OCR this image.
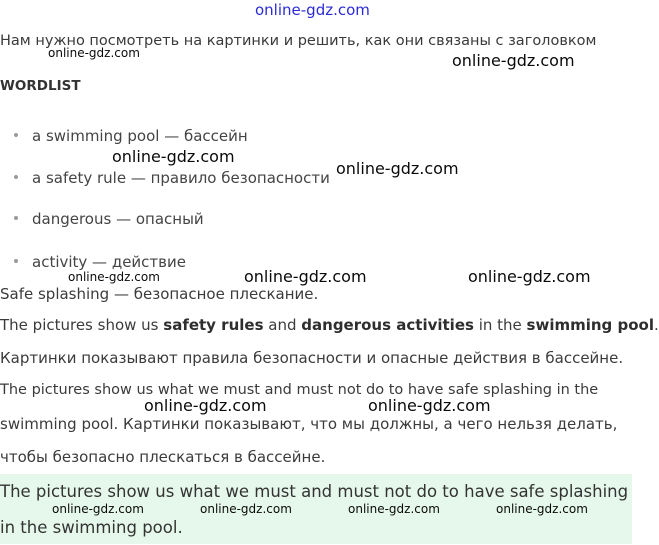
online-gdz.com
Нам нужно посмотреть на картинки и решить, как они связаны с заголовком
WORDLIST
a swimming pool — бассейн
a safety rule — правило безопасности
dangerous — опасный
activity — действие
Safe splashing — безопасное плескание.
The pictures show us safety rules and dangerous activities in the swimming pool.
Картинки показывают правила безопасности и опасные действия в бассейне.
The pictures show us what we must and must not do to have safe splashing in the
swimming pool. Картинки показывают, что мы должны, а чего нельзя делать,
чтобы безопасно плескаться в бассейне.
The pictures show us what we must and must not do to have safe splashing
in the swimming pool.
online-gdz.com	online-gdz.com
online-gdz.com
online-gdz.com
online-gdz.com	online-gdz.com	online-gdz.com
online-gdz.com	online-gdz.com
online-gdz.com	online-gdz.com	online-gdz.com	online-gdz.com
